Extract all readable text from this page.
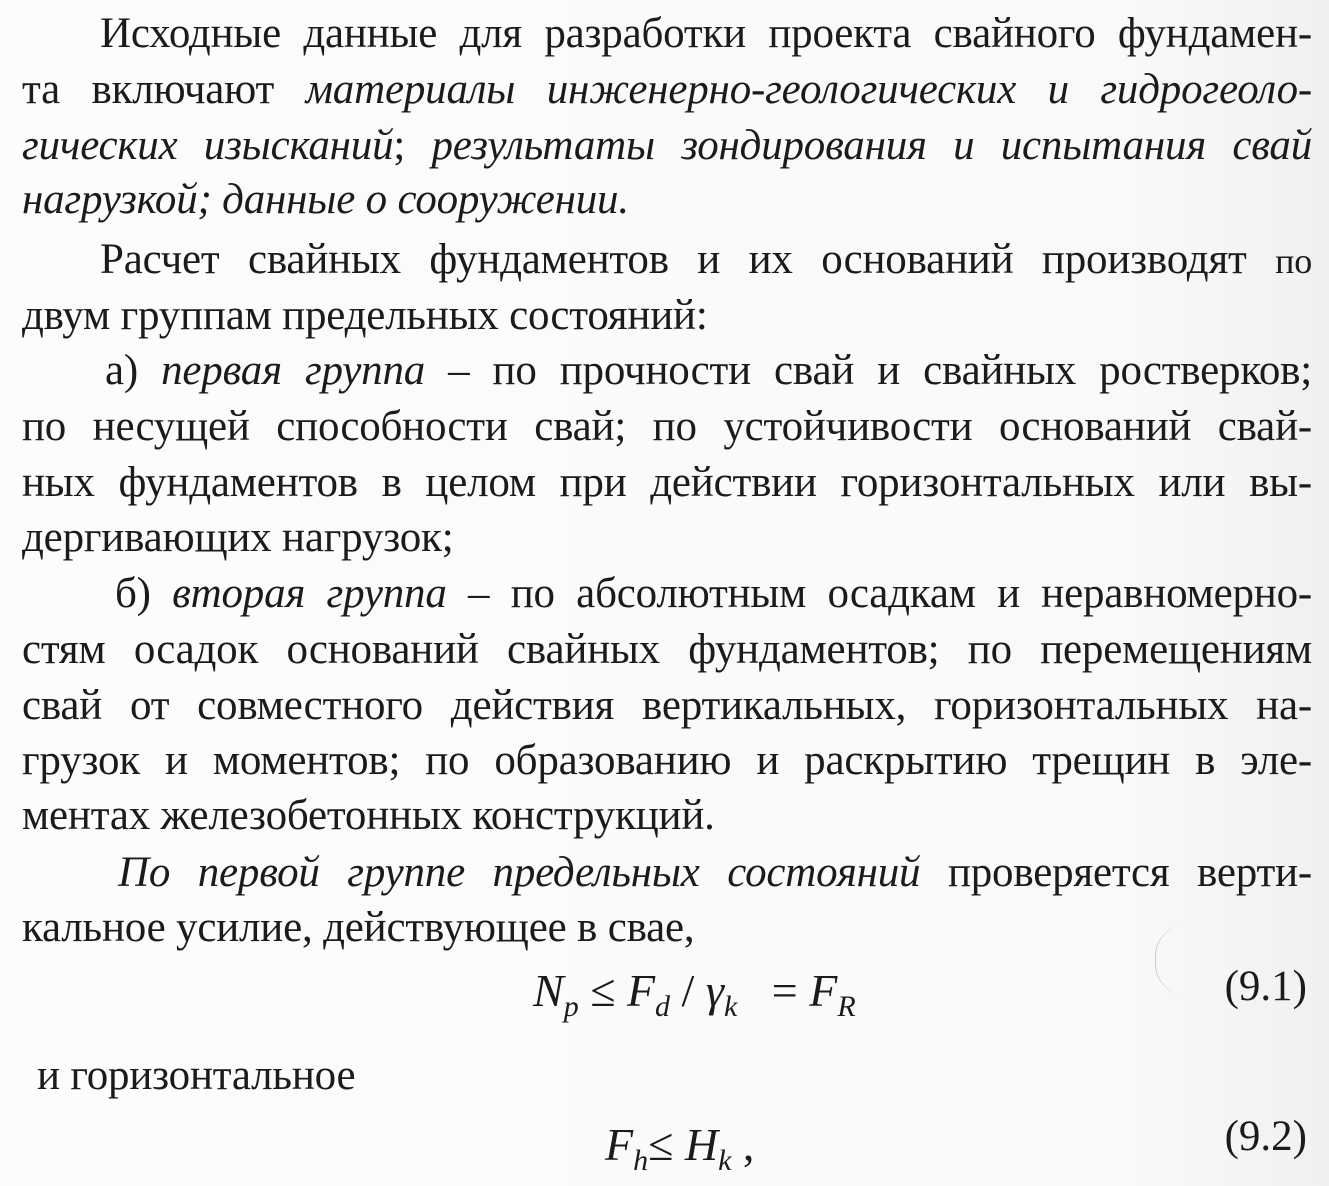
Исходные данные для разработки проекта свайного фундамен-
та включают материалы инженерно-геологических и гидрогеоло-
гических изысканий; результаты зондирования и испытания свай
нагрузкой; данные о сооружении.
Расчет свайных фундаментов и их оснований производят по
двум группам предельных состояний:
а) первая группа – по прочности свай и свайных ростверков;
по несущей способности свай; по устойчивости оснований свай-
ных фундаментов в целом при действии горизонтальных или вы-
дергивающих нагрузок;
б) вторая группа – по абсолютным осадкам и неравномерно-
стям осадок оснований свайных фундаментов; по перемещениям
свай от совместного действия вертикальных, горизонтальных на-
грузок и моментов; по образованию и раскрытию трещин в эле-
ментах железобетонных конструкций.
По первой группе предельных состояний проверяется верти-
кальное усилие, действующее в свае,
$N_p \le F_d / \gamma_k = F_R$	(9.1)
и горизонтальное
$F_h\le H_k$ ,	(9.2)
